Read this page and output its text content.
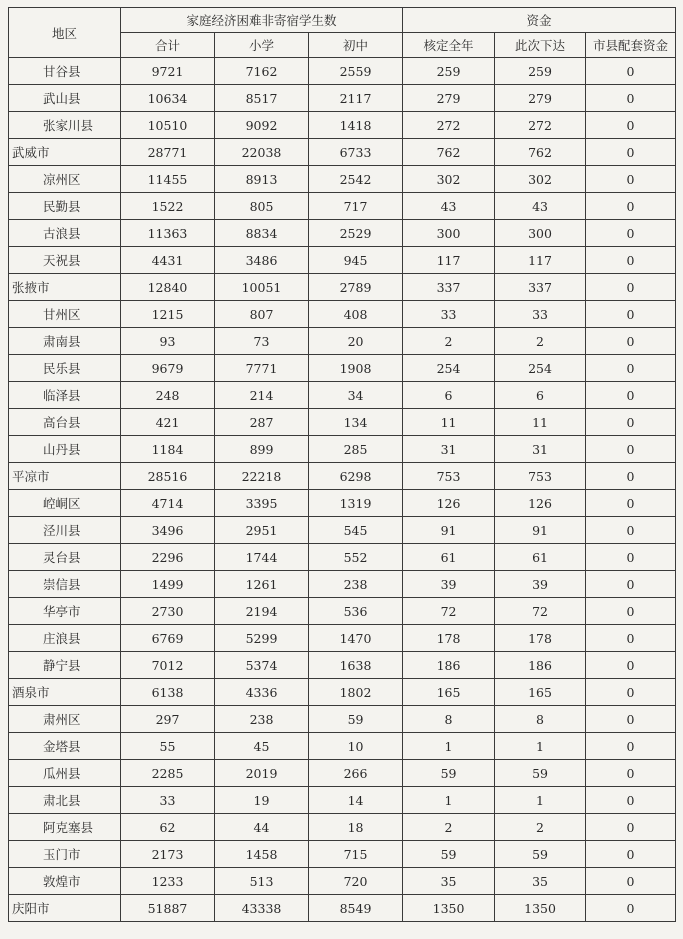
地区	家庭经济困难非寄宿学生数			资金		
	合计	小学	初中	核定全年	此次下达	市县配套资金
甘谷县	9721	7162	2559	259	259	0
武山县	10634	8517	2117	279	279	0
张家川县	10510	9092	1418	272	272	0
武威市	28771	22038	6733	762	762	0
凉州区	11455	8913	2542	302	302	0
民勤县	1522	805	717	43	43	0
古浪县	11363	8834	2529	300	300	0
天祝县	4431	3486	945	117	117	0
张掖市	12840	10051	2789	337	337	0
甘州区	1215	807	408	33	33	0
肃南县	93	73	20	2	2	0
民乐县	9679	7771	1908	254	254	0
临泽县	248	214	34	6	6	0
高台县	421	287	134	11	11	0
山丹县	1184	899	285	31	31	0
平凉市	28516	22218	6298	753	753	0
崆峒区	4714	3395	1319	126	126	0
泾川县	3496	2951	545	91	91	0
灵台县	2296	1744	552	61	61	0
崇信县	1499	1261	238	39	39	0
华亭市	2730	2194	536	72	72	0
庄浪县	6769	5299	1470	178	178	0
静宁县	7012	5374	1638	186	186	0
酒泉市	6138	4336	1802	165	165	0
肃州区	297	238	59	8	8	0
金塔县	55	45	10	1	1	0
瓜州县	2285	2019	266	59	59	0
肃北县	33	19	14	1	1	0
阿克塞县	62	44	18	2	2	0
玉门市	2173	1458	715	59	59	0
敦煌市	1233	513	720	35	35	0
庆阳市	51887	43338	8549	1350	1350	0
